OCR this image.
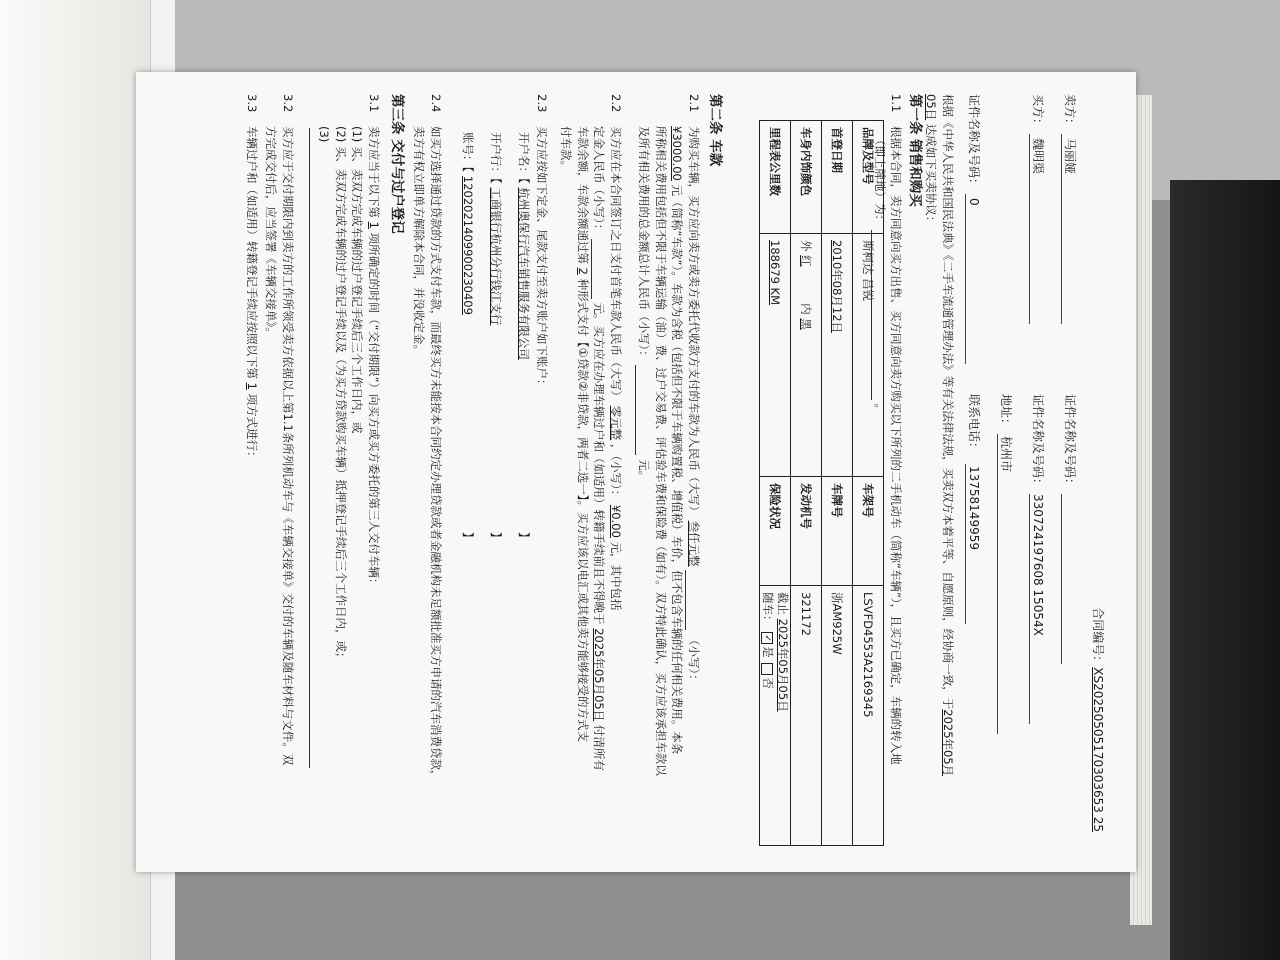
合同编号：XS20250505170303653 25
卖方：
马丽娅
证件名称及号码：
买方：
魏明渠
证件名称及号码：
330724197608 15054X
地址：
杭州市
证件名称及号码：
0
联系电话：
13758149959
根据《中华人民共和国民法典》《二手车流通管理办法》等有关法律法规，买卖双方本着平等、自愿原则，经协商一致，于2025年05月
05日 达成如下买卖协议：
第一条 销售和购买
1.1
根据本合同，卖方同意向买方出售、买方同意向卖方购买以下所列的二手机动车（简称“车辆”），且买方已确定，车辆的转入地
（即上牌地）为：  。
品牌及型号	斯柯达 昌锐	车架号	LSVFD4553A2169345
首登日期	2010年08月12日	车牌号	浙AM925W
车身内饰颜色	外 红          内 黑	发动机号	321172
里程表公里数	188679 KM	保险状况	截止 2025年05月05日
随车： ✓是 否
第二条 车款
2.1
为购买车辆，买方应向卖方或卖方委托代收款方支付的车款为人民币（大写） 叁仟元整  （小写）：
¥3000.00 元（简称“车款”）。车款为含税（包括但不限于车辆购置税、增值税）车价，但不包含车辆的任何相关费用。本条
所称相关费用包括但不限于车辆运输（油）费、过户交易费、评估验车费和保险费（如有）。双方特此确认，买方应该承担车款以
及所有相关费用的总金额总计人民币（小写）：  元。
2.2
买方应在本合同签订之日支付首笔车款人民币（大写） 零元整 ，（小写）： ¥0.00 元，其中包括
定金人民币（小写）：  元。买方应在办理车辆过户和（如适用）转籍手续前且不得晚于 2025年05月05日 付清所有
车款余额，车款余额通过第 2 种形式支付【①贷款②非贷款，两者二选一】。买方应该以电汇或其他卖方能够接受的方式支
付车款。
2.3
买方应按如下定金、尾款支付至卖方账户如下账户：
开户名：【 杭州奥保行汽车销售服务有限公司
】
开户行：【 工商银行杭州分行钱江支行
】
账号：【 1202021409900230409
】
2.4
如买方选择通过贷款的方式支付车款，而最终买方未能按本合同约定办理贷款或者金融机构未足额批准买方申请的汽车消费贷款，
卖方有权立即单方解除本合同，并没收定金。
第三条 交付与过户登记
3.1
卖方应当于以下第 1 项所确定的时间（“交付期限”）向买方或买方委托的第三人交付车辆：
(1) 买、卖双方完成车辆的过户登记手续后三个工作日内，或
(2) 买、卖双方完成车辆的过户登记手续以及（为买方贷款购买车辆）抵押登记手续后三个工作日内，或；
(3)
3.2
买方应于交付期限内到卖方的工作所领受卖方依据以上第1.1条所列机动车与《车辆交接单》交付的车辆及随车材料与文件。双
方完成交付后，应当签署《车辆交接单》。
3.3
车辆过户和（如适用）转籍登记手续应按照以下第 1 项方式进行：
